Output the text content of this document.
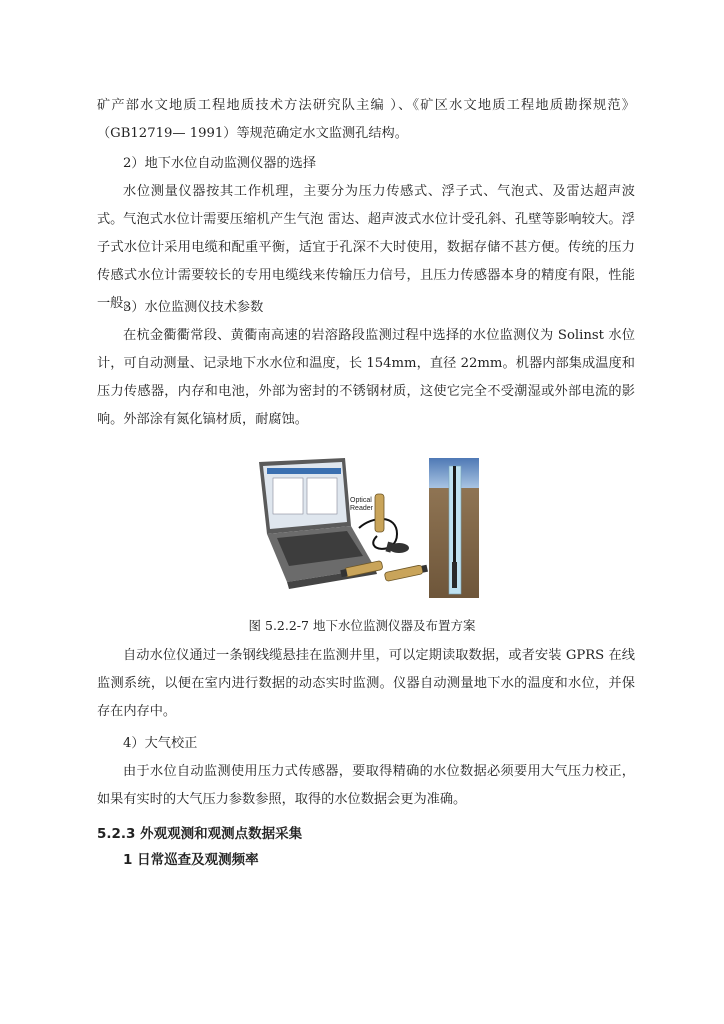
矿产部水文地质工程地质技术方法研究队主编 ）、《矿区水文地质工程地质勘探规范》（GB12719— 1991）等规范确定水文监测孔结构。

2）地下水位自动监测仪器的选择

水位测量仪器按其工作机理，主要分为压力传感式、浮子式、气泡式、及雷达超声波式。 气泡式水位计需要压缩机产生气泡 雷达、超声波式水位计受孔斜、孔壁等影响较大。浮子式水位计采用电缆和配重平衡，适宜于孔深不大时使用，数据存储不甚方便。传统的压力传感式水位计需要较长的专用电缆线来传输压力信号，且压力传感器本身的精度有限，性能一般。

3）水位监测仪技术参数

在杭金衢衢常段、黄衢南高速的岩溶路段监测过程中选择的水位监测仪为 Solinst 水位计，可自动测量、记录地下水水位和温度，长 154mm，直径 22mm。机器内部集成温度和压力传感器，内存和电池，外部为密封的不锈钢材质，这使它完全不受潮湿或外部电流的影响。外部涂有氮化镐材质，耐腐蚀。

Optical Reader
图 5.2.2-7 地下水位监测仪器及布置方案

自动水位仪通过一条钢线缆悬挂在监测井里，可以定期读取数据，或者安装 GPRS 在线监测系统，以便在室内进行数据的动态实时监测。仪器自动测量地下水的温度和水位，并保存在内存中。

4）大气校正

由于水位自动监测使用压力式传感器，要取得精确的水位数据必须要用大气压力校正，如果有实时的大气压力参数参照，取得的水位数据会更为准确。

5.2.3 外观观测和观测点数据采集
1 日常巡查及观测频率
